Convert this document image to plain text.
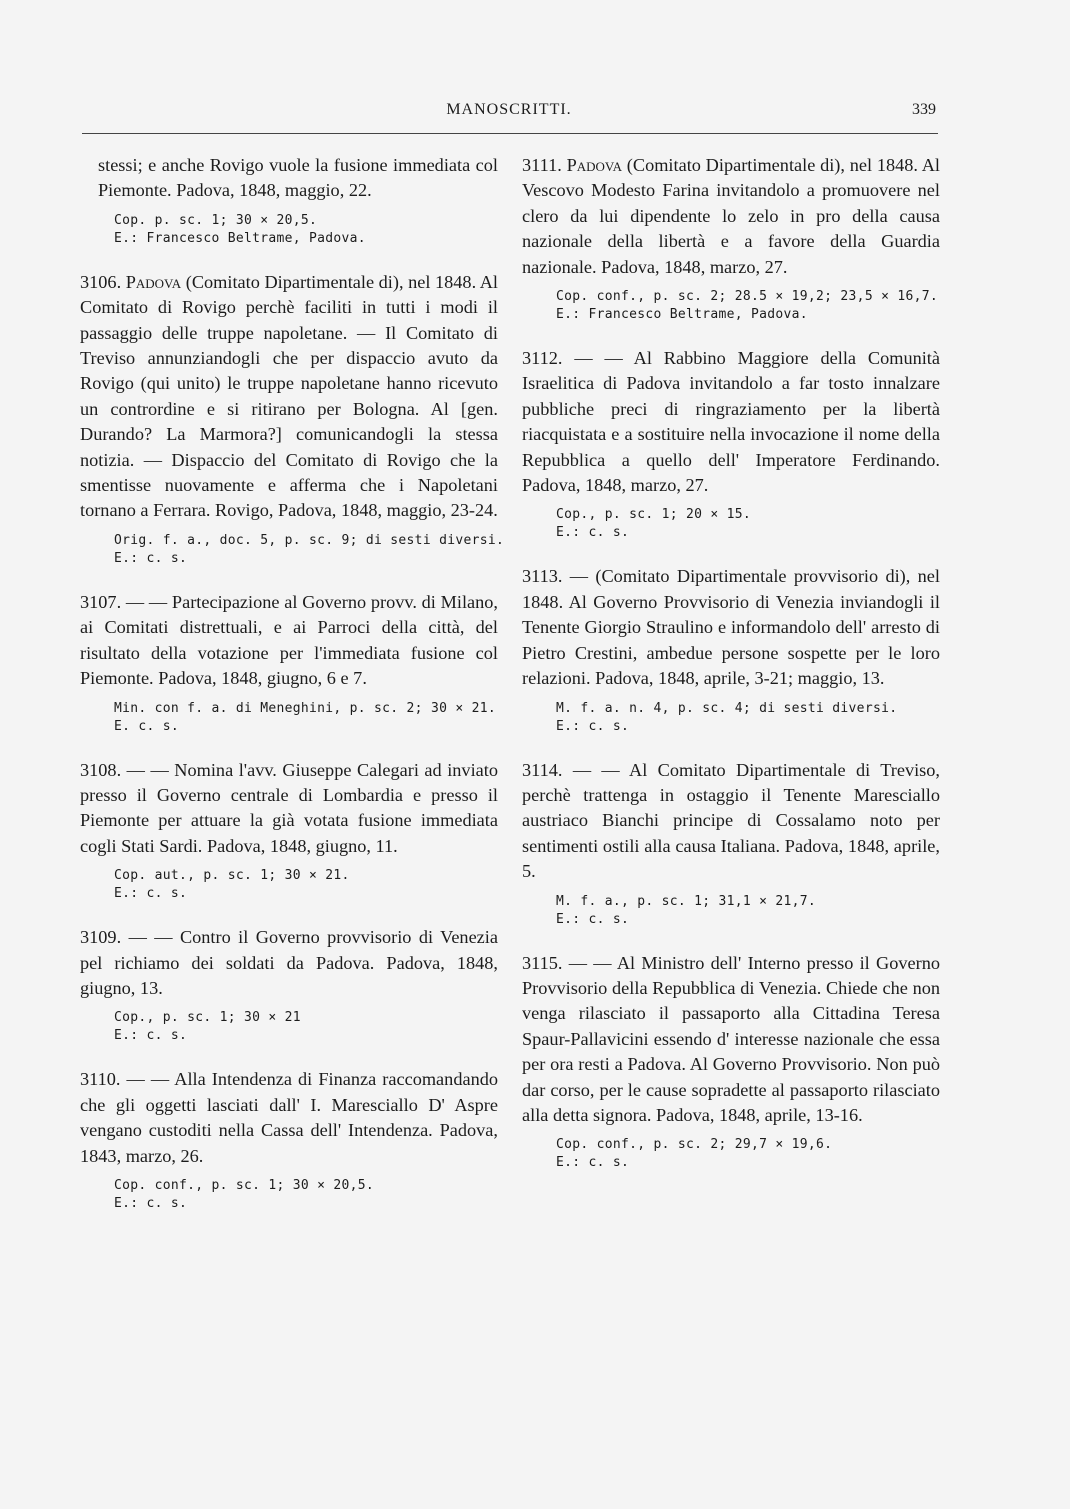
MANOSCRITTI.	339

stessi; e anche Rovigo vuole la fusione immediata col Piemonte. Padova, 1848, maggio, 22.

Cop. p. sc. 1; 30 × 20,5.
E.: Francesco Beltrame, Padova.

3106. Padova (Comitato Dipartimentale di), nel 1848. Al Comitato di Rovigo perchè faciliti in tutti i modi il passaggio delle truppe napoletane. — Il Comitato di Treviso annunziandogli che per dispaccio avuto da Rovigo (qui unito) le truppe napoletane hanno ricevuto un contrordine e si ritirano per Bologna. Al [gen. Durando? La Marmora?] comunicandogli la stessa notizia. — Dispaccio del Comitato di Rovigo che la smentisse nuovamente e afferma che i Napoletani tornano a Ferrara. Rovigo, Padova, 1848, maggio, 23-24.

Orig. f. a., doc. 5, p. sc. 9; di sesti diversi.
E.: c. s.

3107. — — Partecipazione al Governo provv. di Milano, ai Comitati distrettuali, e ai Parroci della città, del risultato della votazione per l'immediata fusione col Piemonte. Padova, 1848, giugno, 6 e 7.

Min. con f. a. di Meneghini, p. sc. 2; 30 × 21.
E. c. s.

3108. — — Nomina l'avv. Giuseppe Calegari ad inviato presso il Governo centrale di Lombardia e presso il Piemonte per attuare la già votata fusione immediata cogli Stati Sardi. Padova, 1848, giugno, 11.

Cop. aut., p. sc. 1; 30 × 21.
E.: c. s.

3109. — — Contro il Governo provvisorio di Venezia pel richiamo dei soldati da Padova. Padova, 1848, giugno, 13.

Cop., p. sc. 1; 30 × 21
E.: c. s.

3110. — — Alla Intendenza di Finanza raccomandando che gli oggetti lasciati dall' I. Maresciallo D' Aspre vengano custoditi nella Cassa dell' Intendenza. Padova, 1843, marzo, 26.

Cop. conf., p. sc. 1; 30 × 20,5.
E.: c. s.

3111. Padova (Comitato Dipartimentale di), nel 1848. Al Vescovo Modesto Farina invitandolo a promuovere nel clero da lui dipendente lo zelo in pro della causa nazionale della libertà e a favore della Guardia nazionale. Padova, 1848, marzo, 27.

Cop. conf., p. sc. 2; 28.5 × 19,2; 23,5 × 16,7.
E.: Francesco Beltrame, Padova.

3112. — — Al Rabbino Maggiore della Comunità Israelitica di Padova invitandolo a far tosto innalzare pubbliche preci di ringraziamento per la libertà riacquistata e a sostituire nella invocazione il nome della Repubblica a quello dell' Imperatore Ferdinando. Padova, 1848, marzo, 27.

Cop., p. sc. 1; 20 × 15.
E.: c. s.

3113. — (Comitato Dipartimentale provvisorio di), nel 1848. Al Governo Provvisorio di Venezia inviandogli il Tenente Giorgio Straulino e informandolo dell' arresto di Pietro Crestini, ambedue persone sospette per le loro relazioni. Padova, 1848, aprile, 3-21; maggio, 13.

M. f. a. n. 4, p. sc. 4; di sesti diversi.
E.: c. s.

3114. — — Al Comitato Dipartimentale di Treviso, perchè trattenga in ostaggio il Tenente Maresciallo austriaco Bianchi principe di Cossalamo noto per sentimenti ostili alla causa Italiana. Padova, 1848, aprile, 5.

M. f. a., p. sc. 1; 31,1 × 21,7.
E.: c. s.

3115. — — Al Ministro dell' Interno presso il Governo Provvisorio della Repubblica di Venezia. Chiede che non venga rilasciato il passaporto alla Cittadina Teresa Spaur-Pallavicini essendo d' interesse nazionale che essa per ora resti a Padova. Al Governo Provvisorio. Non può dar corso, per le cause sopradette al passaporto rilasciato alla detta signora. Padova, 1848, aprile, 13-16.

Cop. conf., p. sc. 2; 29,7 × 19,6.
E.: c. s.
